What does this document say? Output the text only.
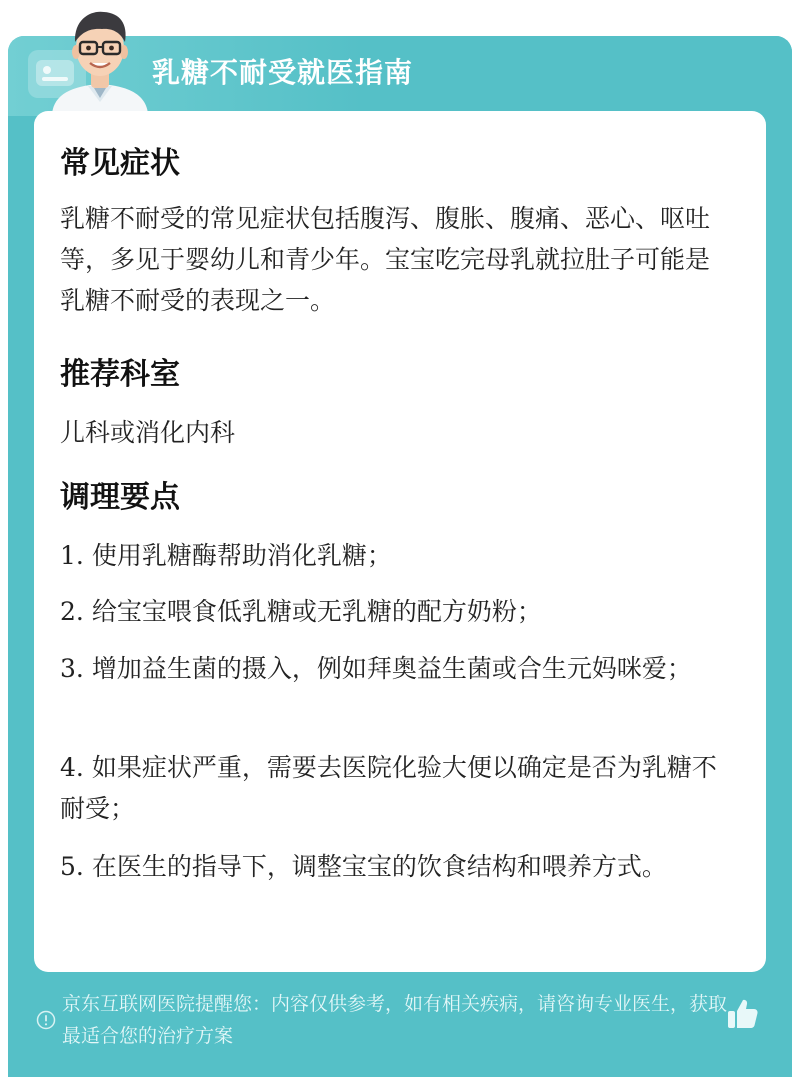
乳糖不耐受就医指南
常见症状
乳糖不耐受的常见症状包括腹泻、腹胀、腹痛、恶心、呕吐等，多见于婴幼儿和青少年。宝宝吃完母乳就拉肚子可能是乳糖不耐受的表现之一。
推荐科室
儿科或消化内科
调理要点
1. 使用乳糖酶帮助消化乳糖；
2. 给宝宝喂食低乳糖或无乳糖的配方奶粉；
3. 增加益生菌的摄入，例如拜奥益生菌或合生元妈咪爱；
4. 如果症状严重，需要去医院化验大便以确定是否为乳糖不耐受；
5. 在医生的指导下，调整宝宝的饮食结构和喂养方式。
京东互联网医院提醒您：内容仅供参考，如有相关疾病，请咨询专业医生，获取最适合您的治疗方案
